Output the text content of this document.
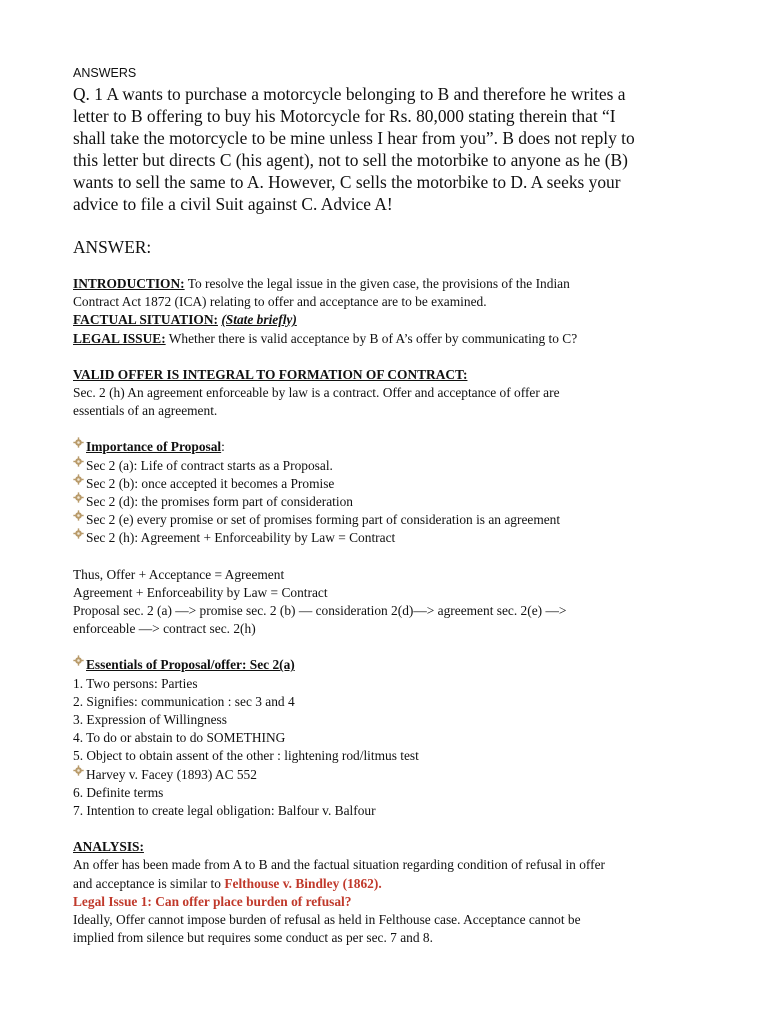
ANSWERS

Q. 1 A wants to purchase a motorcycle belonging to B and therefore he writes a

letter to B offering to buy his Motorcycle for Rs. 80,000 stating therein that “I

shall take the motorcycle to be mine unless I hear from you”. B does not reply to

this letter but directs C (his agent), not to sell the motorbike to anyone as he (B)

wants to sell the same to A. However, C sells the motorbike to D. A seeks your

advice to file a civil Suit against C. Advice A!

ANSWER:

INTRODUCTION: To resolve the legal issue in the given case, the provisions of the Indian

Contract Act 1872 (ICA) relating to offer and acceptance are to be examined.

FACTUAL SITUATION: (State briefly)

LEGAL ISSUE: Whether there is valid acceptance by B of A’s offer by communicating to C?

VALID OFFER IS INTEGRAL TO FORMATION OF CONTRACT:

Sec. 2 (h) An agreement enforceable by law is a contract. Offer and acceptance of offer are

essentials of an agreement.

Importance of Proposal:
Sec 2 (a): Life of contract starts as a Proposal.
Sec 2 (b): once accepted it becomes a Promise
Sec 2 (d): the promises form part of consideration
Sec 2 (e) every promise or set of promises forming part of consideration is an agreement
Sec 2 (h): Agreement + Enforceability by Law = Contract

Thus, Offer + Acceptance = Agreement

Agreement + Enforceability by Law = Contract

Proposal sec. 2 (a) —> promise sec. 2 (b) — consideration 2(d)—> agreement sec. 2(e) —>

enforceable —> contract sec. 2(h)

Essentials of Proposal/offer: Sec 2(a)
1. Two persons: Parties
2. Signifies: communication : sec 3 and 4
3. Expression of Willingness
4. To do or abstain to do SOMETHING
5. Object to obtain assent of the other : lightening rod/litmus test
Harvey v. Facey (1893) AC 552
6. Definite terms
7. Intention to create legal obligation: Balfour v. Balfour

ANALYSIS:

An offer has been made from A to B and the factual situation regarding condition of refusal in offer

and acceptance is similar to Felthouse v. Bindley (1862).

Legal Issue 1: Can offer place burden of refusal?

Ideally, Offer cannot impose burden of refusal as held in Felthouse case. Acceptance cannot be

implied from silence but requires some conduct as per sec. 7 and 8.
